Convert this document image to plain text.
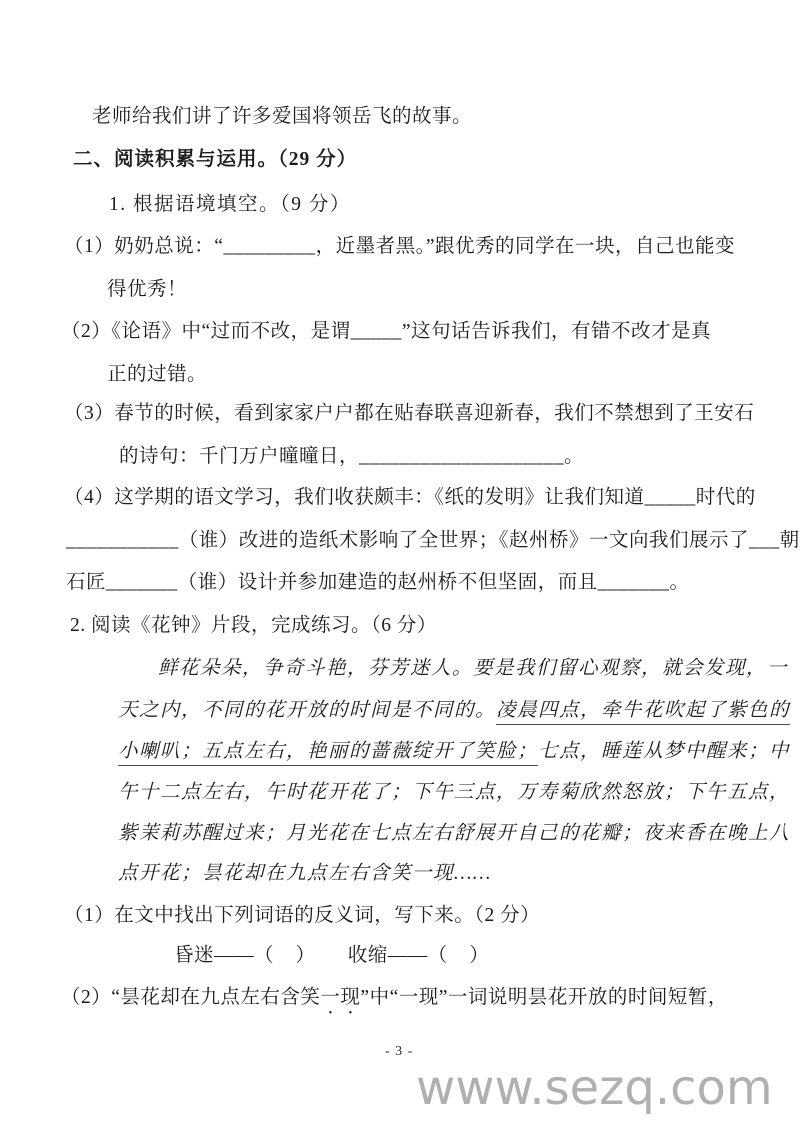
老师给我们讲了许多爱国将领岳飞的故事。

二、阅读积累与运用。（29 分）

1. 根据语境填空。（9 分）

（1）奶奶总说：“_________，近墨者黑。”跟优秀的同学在一块，自己也能变

得优秀！

（2）《论语》中“过而不改，是谓_____”这句话告诉我们，有错不改才是真

正的过错。

（3）春节的时候，看到家家户户都在贴春联喜迎新春，我们不禁想到了王安石

的诗句：千门万户曈曈日，____________________。

（4）这学期的语文学习，我们收获颇丰：《纸的发明》让我们知道_____时代的

___________（谁）改进的造纸术影响了全世界；《赵州桥》一文向我们展示了___朝

石匠_______（谁）设计并参加建造的赵州桥不但坚固，而且_______。

2. 阅读《花钟》片段，完成练习。（6 分）

鲜花朵朵，争奇斗艳，芬芳迷人。要是我们留心观察，就会发现，一

天之内，不同的花开放的时间是不同的。凌晨四点，牵牛花吹起了紫色的

小喇叭；五点左右，艳丽的蔷薇绽开了笑脸；七点，睡莲从梦中醒来；中

午十二点左右，午时花开花了；下午三点，万寿菊欣然怒放；下午五点，

紫茉莉苏醒过来；月光花在七点左右舒展开自己的花瓣；夜来香在晚上八

点开花；昙花却在九点左右含笑一现……

（1）在文中找出下列词语的反义词，写下来。（2 分）

昏迷——（    ）      收缩——（    ）

（2）“昙花却在九点左右含笑一现”中“一现”一词说明昙花开放的时间短暂，

- 3 -

www.sezq.com
